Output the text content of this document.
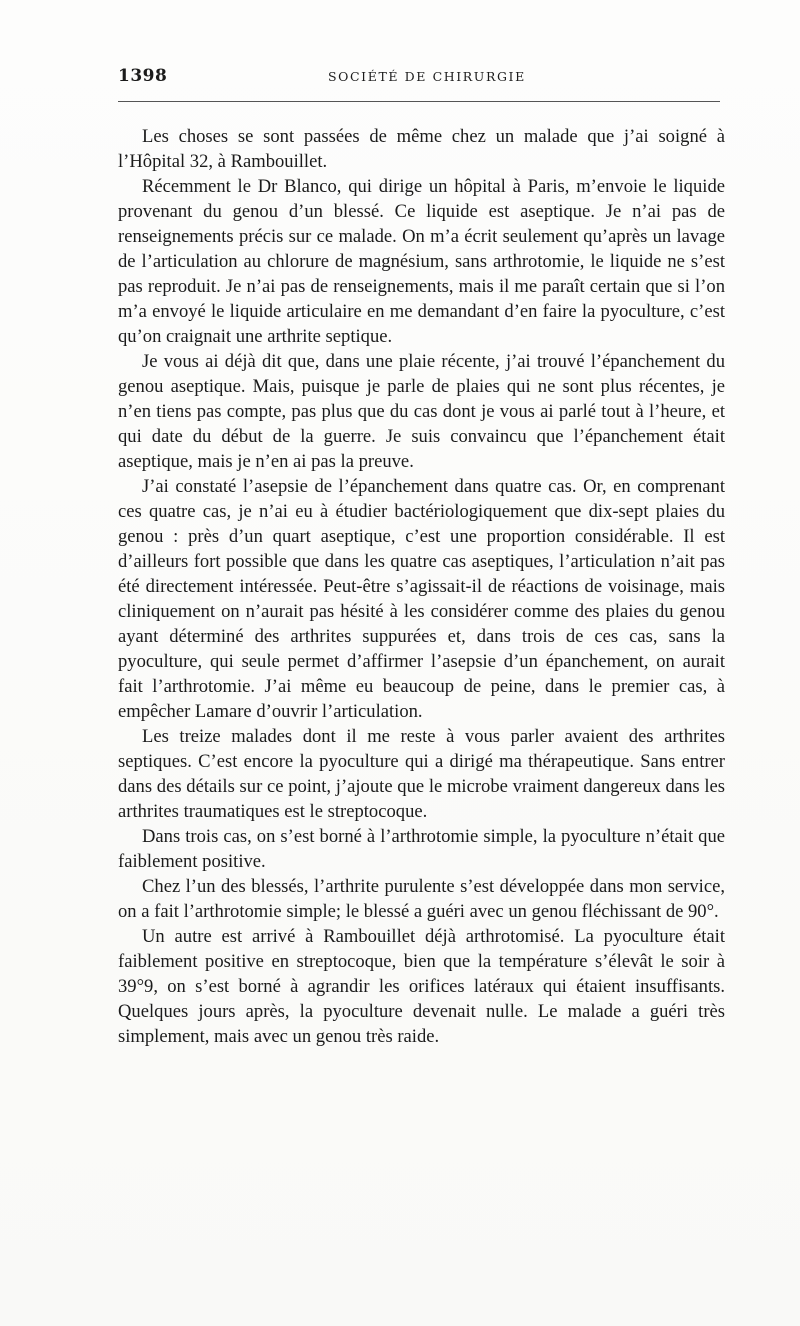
1398	SOCIÉTÉ DE CHIRURGIE

Les choses se sont passées de même chez un malade que j’ai soigné à l’Hôpital 32, à Rambouillet.

Récemment le Dr Blanco, qui dirige un hôpital à Paris, m’envoie le liquide provenant du genou d’un blessé. Ce liquide est aseptique. Je n’ai pas de renseignements précis sur ce malade. On m’a écrit seulement qu’après un lavage de l’articulation au chlorure de magnésium, sans arthrotomie, le liquide ne s’est pas reproduit. Je n’ai pas de renseignements, mais il me paraît certain que si l’on m’a envoyé le liquide articulaire en me demandant d’en faire la pyoculture, c’est qu’on craignait une arthrite septique.

Je vous ai déjà dit que, dans une plaie récente, j’ai trouvé l’épanchement du genou aseptique. Mais, puisque je parle de plaies qui ne sont plus récentes, je n’en tiens pas compte, pas plus que du cas dont je vous ai parlé tout à l’heure, et qui date du début de la guerre. Je suis convaincu que l’épanchement était aseptique, mais je n’en ai pas la preuve.

J’ai constaté l’asepsie de l’épanchement dans quatre cas. Or, en comprenant ces quatre cas, je n’ai eu à étudier bactériologiquement que dix-sept plaies du genou : près d’un quart aseptique, c’est une proportion considérable. Il est d’ailleurs fort possible que dans les quatre cas aseptiques, l’articulation n’ait pas été directement intéressée. Peut-être s’agissait-il de réactions de voisinage, mais cliniquement on n’aurait pas hésité à les considérer comme des plaies du genou ayant déterminé des arthrites suppurées et, dans trois de ces cas, sans la pyoculture, qui seule permet d’affirmer l’asepsie d’un épanchement, on aurait fait l’arthrotomie. J’ai même eu beaucoup de peine, dans le premier cas, à empêcher Lamare d’ouvrir l’articulation.

Les treize malades dont il me reste à vous parler avaient des arthrites septiques. C’est encore la pyoculture qui a dirigé ma thérapeutique. Sans entrer dans des détails sur ce point, j’ajoute que le microbe vraiment dangereux dans les arthrites traumatiques est le streptocoque.

Dans trois cas, on s’est borné à l’arthrotomie simple, la pyoculture n’était que faiblement positive.

Chez l’un des blessés, l’arthrite purulente s’est développée dans mon service, on a fait l’arthrotomie simple; le blessé a guéri avec un genou fléchissant de 90°.

Un autre est arrivé à Rambouillet déjà arthrotomisé. La pyoculture était faiblement positive en streptocoque, bien que la température s’élevât le soir à 39°9, on s’est borné à agrandir les orifices latéraux qui étaient insuffisants. Quelques jours après, la pyoculture devenait nulle. Le malade a guéri très simplement, mais avec un genou très raide.
